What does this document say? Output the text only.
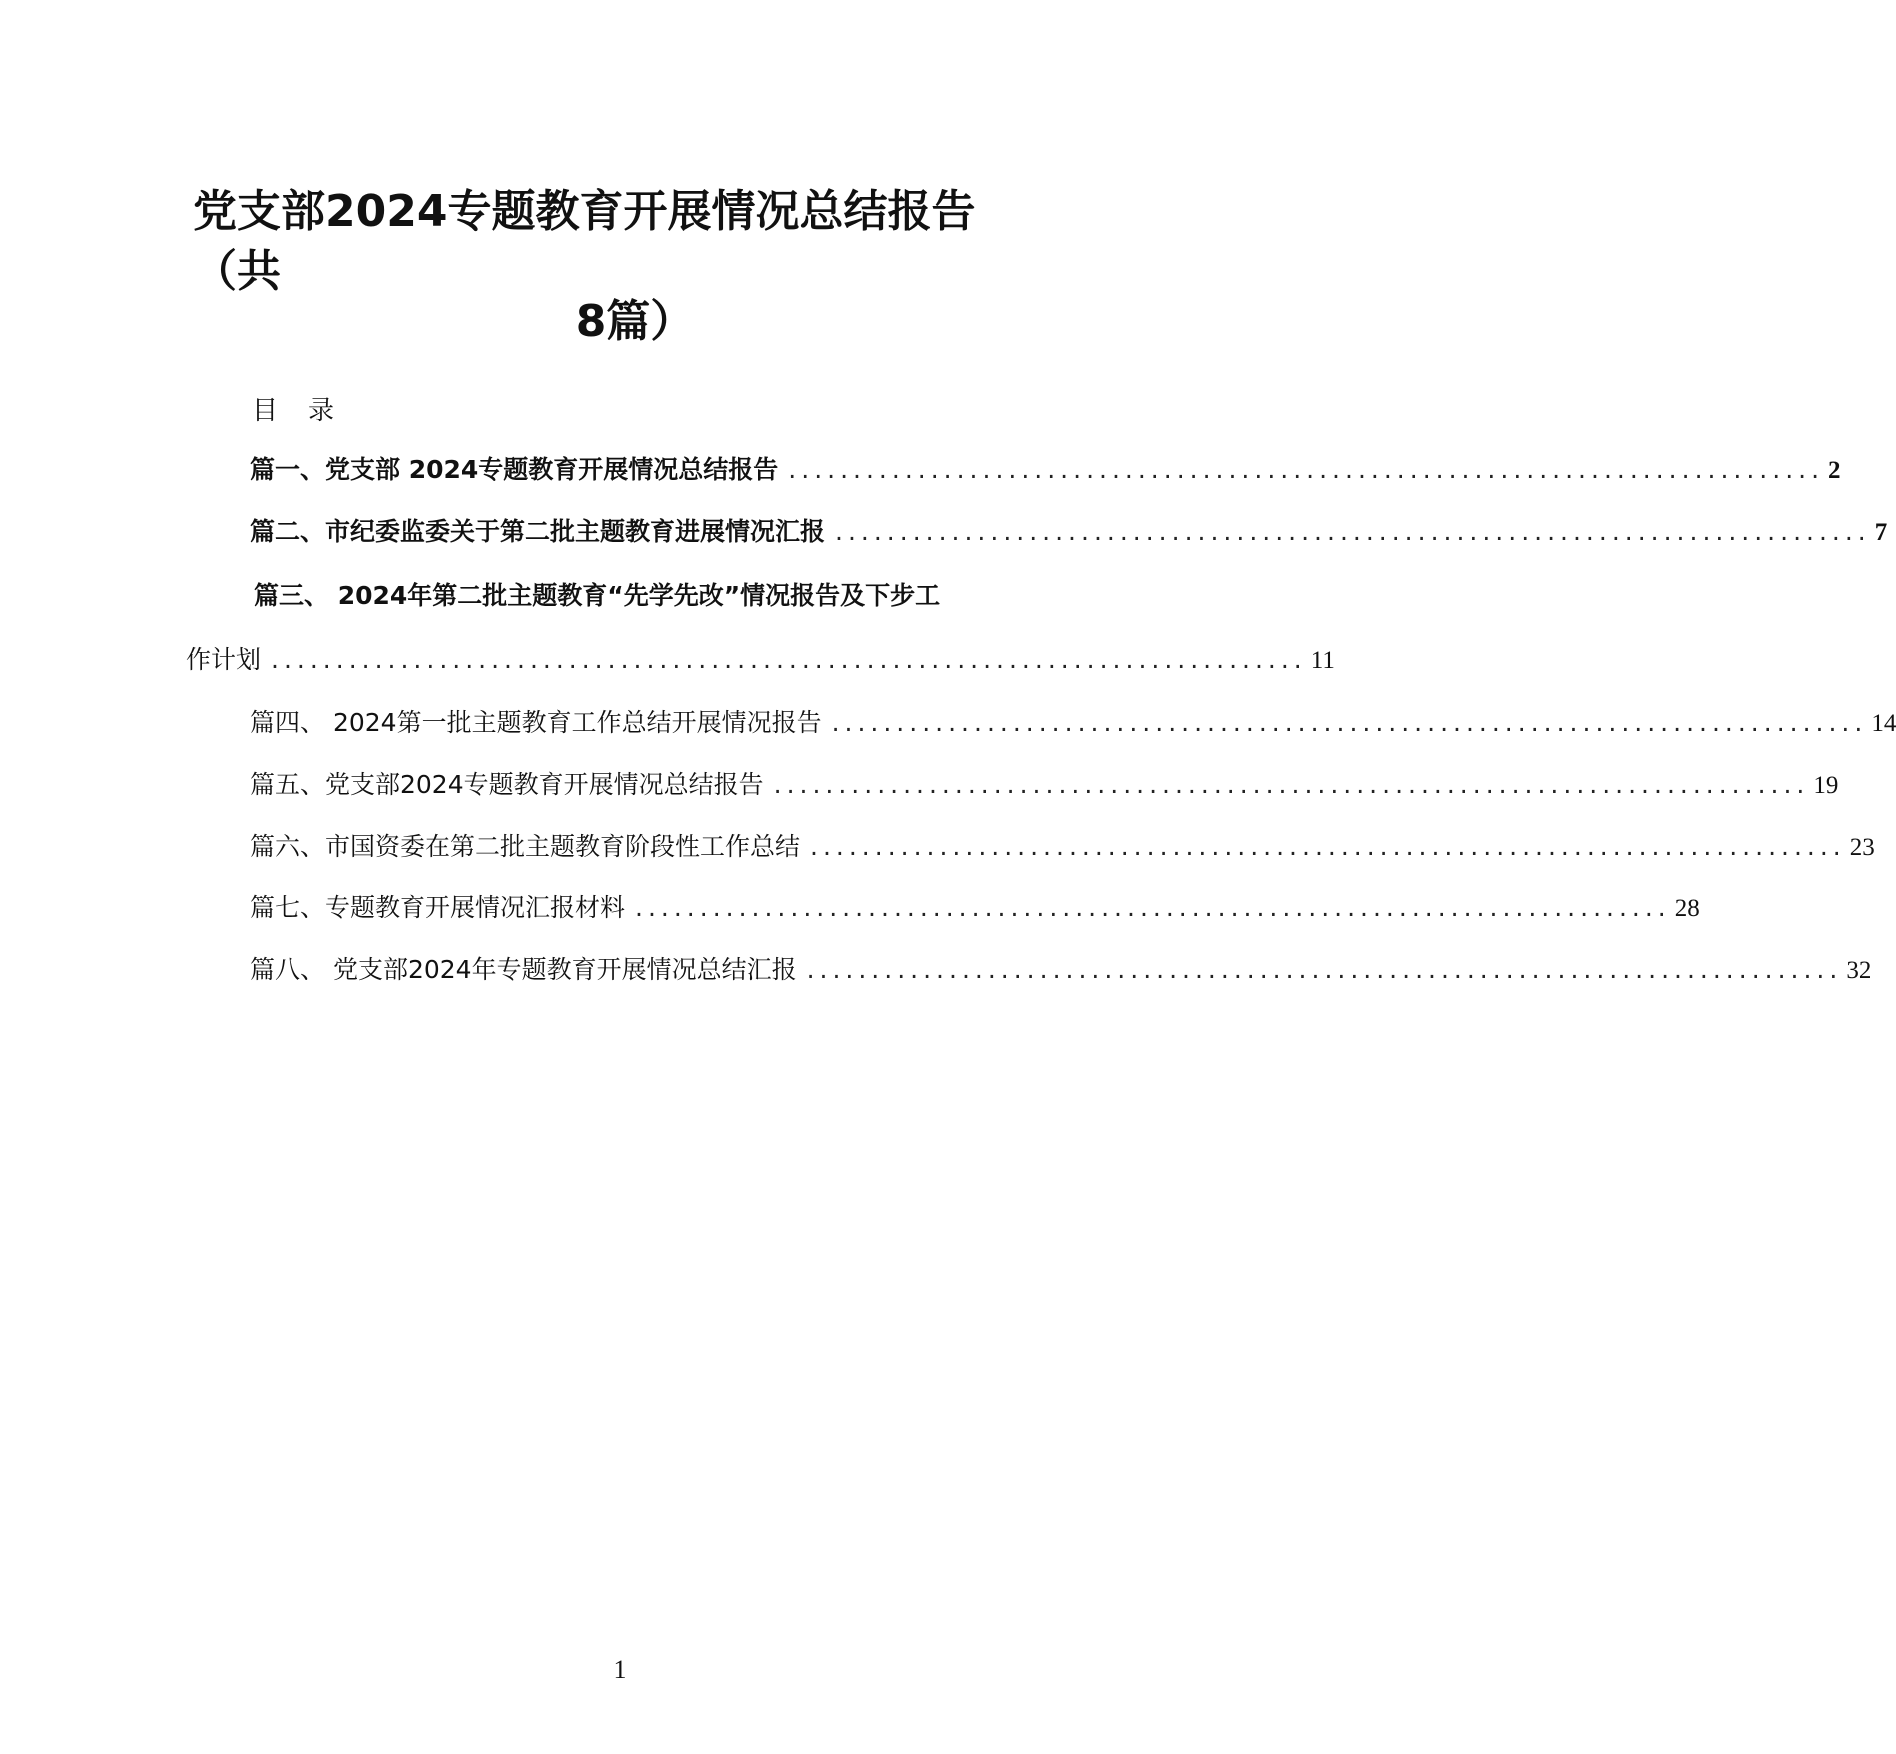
党支部2024专题教育开展情况总结报告（共
8篇）
目录
篇一、党支部 2024专题教育开展情况总结报告 ................................................................................ 2
篇二、市纪委监委关于第二批主题教育进展情况汇报 ................................................................................ 7
篇三、 2024年第二批主题教育“先学先改”情况报告及下步工
作计划 ................................................................................ 11
篇四、 2024第一批主题教育工作总结开展情况报告 ................................................................................ 14
篇五、党支部2024专题教育开展情况总结报告 ................................................................................ 19
篇六、市国资委在第二批主题教育阶段性工作总结 ................................................................................ 23
篇七、专题教育开展情况汇报材料 ................................................................................ 28
篇八、 党支部2024年专题教育开展情况总结汇报 ................................................................................ 32
1
